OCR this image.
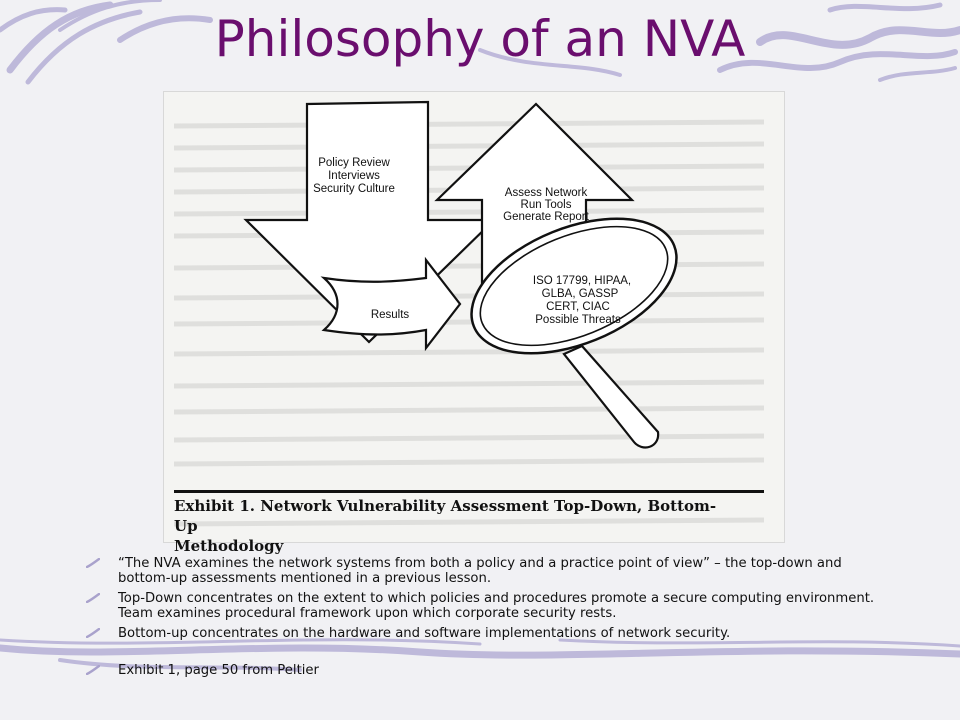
Philosophy of an NVA
Policy Review
Interviews
Security Culture	Assess Network
Run Tools
Generate Report
Results
ISO 17799, HIPAA,
GLBA, GASSP
CERT, CIAC
Possible Threats
Exhibit 1. Network Vulnerability Assessment Top-Down, Bottom-Up
Methodology
“The NVA examines the network systems from both a policy and a practice point of view” – the top-down and bottom-up assessments mentioned in a previous lesson.
Top-Down concentrates on the extent to which policies and procedures promote a secure computing environment. Team examines procedural framework upon which corporate security rests.
Bottom-up concentrates on the hardware and software implementations of network security.
Exhibit 1, page 50 from Peltier
